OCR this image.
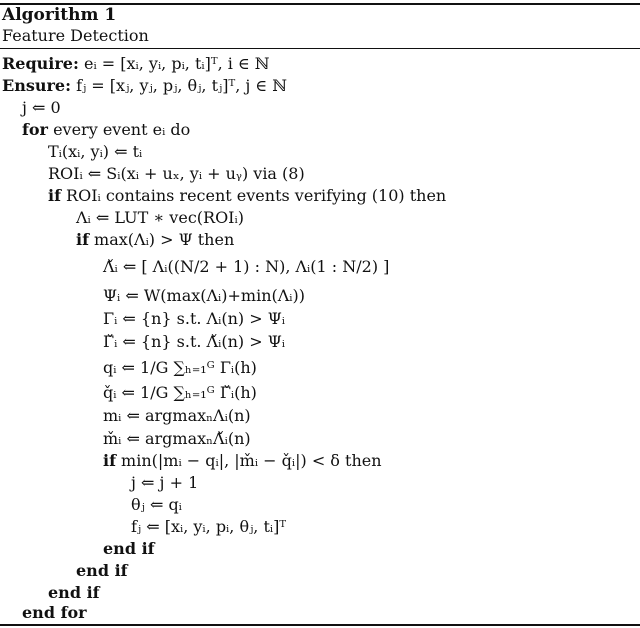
Algorithm 1
Feature Detection
Require: eᵢ = [xᵢ, yᵢ, pᵢ, tᵢ]ᵀ, i ∈ ℕ
Ensure: fⱼ = [xⱼ, yⱼ, pⱼ, θⱼ, tⱼ]ᵀ, j ∈ ℕ
j ⇐ 0
for every event eᵢ do
Tᵢ(xᵢ, yᵢ) ⇐ tᵢ
ROIᵢ ⇐ Sᵢ(xᵢ + uₓ, yᵢ + uᵧ) via (8)
if ROIᵢ contains recent events verifying (10) then
Λᵢ ⇐ LUT ∗ vec(ROIᵢ)
if max(Λᵢ) > Ψ then
Λ̌ᵢ ⇐ [ Λᵢ((N/2 + 1) : N), Λᵢ(1 : N/2) ]
Ψᵢ ⇐ W(max(Λᵢ)+min(Λᵢ))
Γᵢ ⇐ {n} s.t. Λᵢ(n) > Ψᵢ
Γ̌ᵢ ⇐ {n} s.t. Λ̌ᵢ(n) > Ψᵢ
qᵢ ⇐ 1/G ∑ₕ₌₁ᴳ Γᵢ(h)
q̌ᵢ ⇐ 1/G ∑ₕ₌₁ᴳ Γ̌ᵢ(h)
mᵢ ⇐ argmaxₙΛᵢ(n)
m̌ᵢ ⇐ argmaxₙΛ̌ᵢ(n)
if min(|mᵢ − qᵢ|, |m̌ᵢ − q̌ᵢ|) < δ then
j ⇐ j + 1
θⱼ ⇐ qᵢ
fⱼ ⇐ [xᵢ, yᵢ, pᵢ, θⱼ, tᵢ]ᵀ
end if
end if
end if
end for
